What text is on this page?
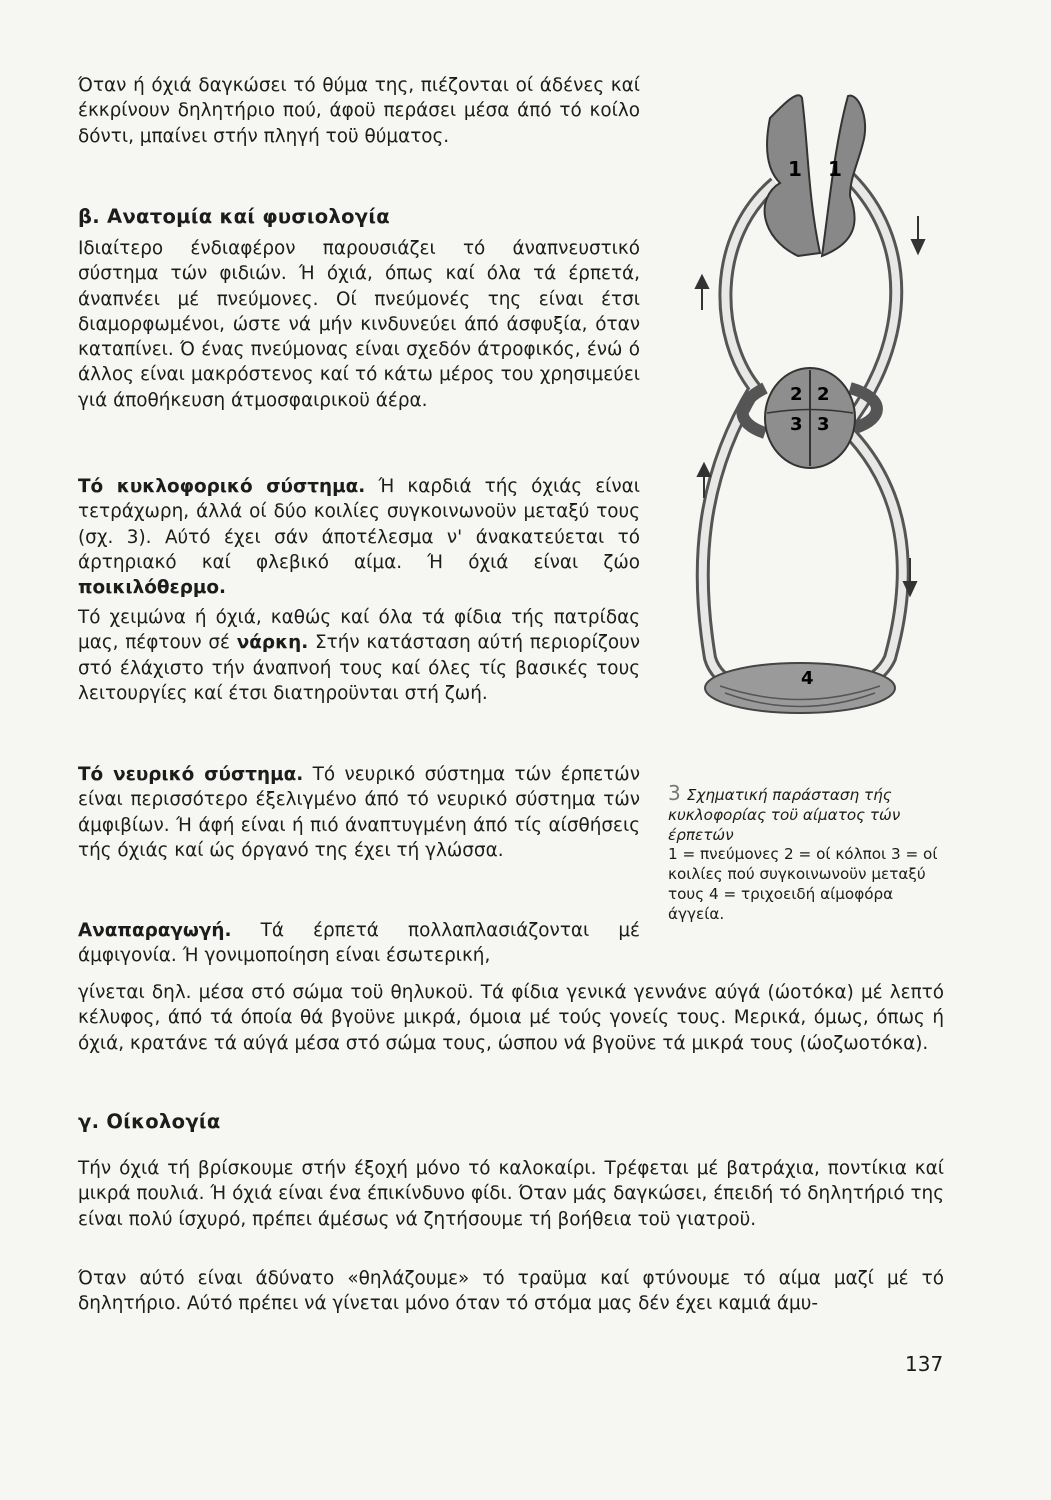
Όταν ή όχιά δαγκώσει τό θύμα της, πιέζονται οί άδένες καί έκκρίνουν δηλητήριο πού, άφοϋ περάσει μέσα άπό τό κοίλο δόντι, μπαίνει στήν πληγή τοϋ θύματος.

β. Ανατομία καί φυσιολογία

Ιδιαίτερο ένδιαφέρον παρουσιάζει τό άναπνευστικό σύστημα τών φιδιών. Ή όχιά, όπως καί όλα τά έρπετά, άναπνέει μέ πνεύμονες. Οί πνεύμονές της είναι έτσι διαμορφωμένοι, ώστε νά μήν κινδυνεύει άπό άσφυξία, όταν καταπίνει. Ό ένας πνεύμονας είναι σχεδόν άτροφικός, ένώ ό άλλος είναι μακρόστενος καί τό κάτω μέρος του χρησιμεύει γιά άποθήκευση άτμοσφαιρικοϋ άέρα.

Τό κυκλοφορικό σύστημα. Ή καρδιά τής όχιάς είναι τετράχωρη, άλλά οί δύο κοιλίες συγκοινωνοϋν μεταξύ τους (σχ. 3). Αύτό έχει σάν άποτέλεσμα ν' άνακατεύεται τό άρτηριακό καί φλεβικό αίμα. Ή όχιά είναι ζώο ποικιλόθερμο.

Τό χειμώνα ή όχιά, καθώς καί όλα τά φίδια τής πατρίδας μας, πέφτουν σέ νάρκη. Στήν κατάσταση αύτή περιορίζουν στό έλάχιστο τήν άναπνοή τους καί όλες τίς βασικές τους λειτουργίες καί έτσι διατηροϋνται στή ζωή.

Τό νευρικό σύστημα. Τό νευρικό σύστημα τών έρπετών είναι περισσότερο έξελιγμένο άπό τό νευρικό σύστημα τών άμφιβίων. Ή άφή είναι ή πιό άναπτυγμένη άπό τίς αίσθήσεις τής όχιάς καί ώς όργανό της έχει τή γλώσσα.

Αναπαραγωγή. Τά έρπετά πολλαπλασιάζονται μέ άμφιγονία. Ή γονιμοποίηση είναι έσωτερική,

γίνεται δηλ. μέσα στό σώμα τοϋ θηλυκοϋ. Τά φίδια γενικά γεννάνε αύγά (ώοτόκα) μέ λεπτό κέλυφος, άπό τά όποία θά βγοϋνε μικρά, όμοια μέ τούς γονείς τους. Μερικά, όμως, όπως ή όχιά, κρατάνε τά αύγά μέσα στό σώμα τους, ώσπου νά βγοϋνε τά μικρά τους (ώοζωοτόκα).

γ. Οίκολογία

Τήν όχιά τή βρίσκουμε στήν έξοχή μόνο τό καλοκαίρι. Τρέφεται μέ βατράχια, ποντίκια καί μικρά πουλιά. Ή όχιά είναι ένα έπικίνδυνο φίδι. Όταν μάς δαγκώσει, έπειδή τό δηλητήριό της είναι πολύ ίσχυρό, πρέπει άμέσως νά ζητήσουμε τή βοήθεια τοϋ γιατροϋ.

Όταν αύτό είναι άδύνατο «θηλάζουμε» τό τραϋμα καί φτύνουμε τό αίμα μαζί μέ τό δηλητήριο. Αύτό πρέπει νά γίνεται μόνο όταν τό στόμα μας δέν έχει καμιά άμυ-

1 1
2 2
3 3
4
3 Σχηματική παράσταση τής κυκλοφορίας τοϋ αίματος τών έρπετών
1 = πνεύμονες 2 = οί κόλποι 3 = οί κοιλίες πού συγκοινωνοϋν μεταξύ τους 4 = τριχοειδή αίμοφόρα άγγεία.
137
